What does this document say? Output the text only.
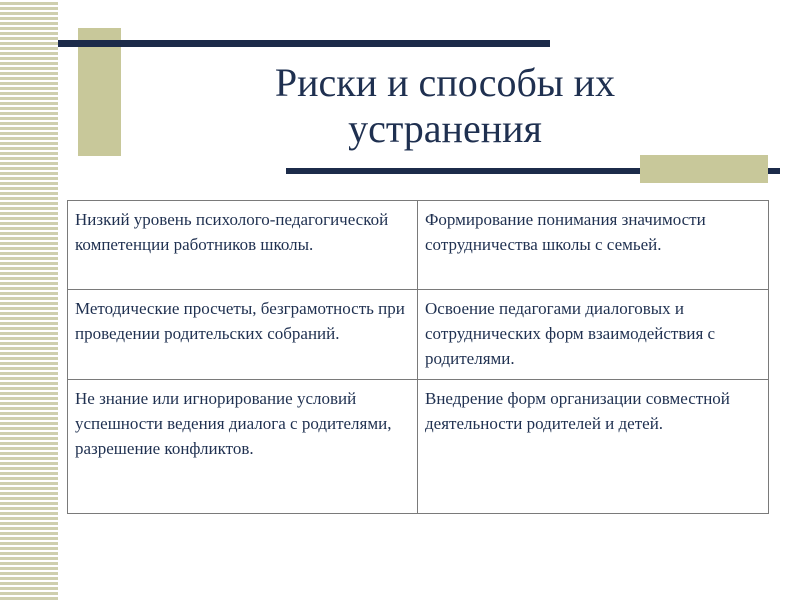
Риски и способы их
устранения
Низкий уровень психолого-педагогической компетенции работников школы.	Формирование понимания значимости сотрудничества школы с семьей.
Методические просчеты, безграмотность при проведении родительских собраний.	Освоение педагогами диалоговых и сотруднических форм взаимодействия с родителями.
Не знание или игнорирование условий успешности ведения диалога с родителями, разрешение конфликтов.	Внедрение форм организации совместной деятельности родителей и детей.
